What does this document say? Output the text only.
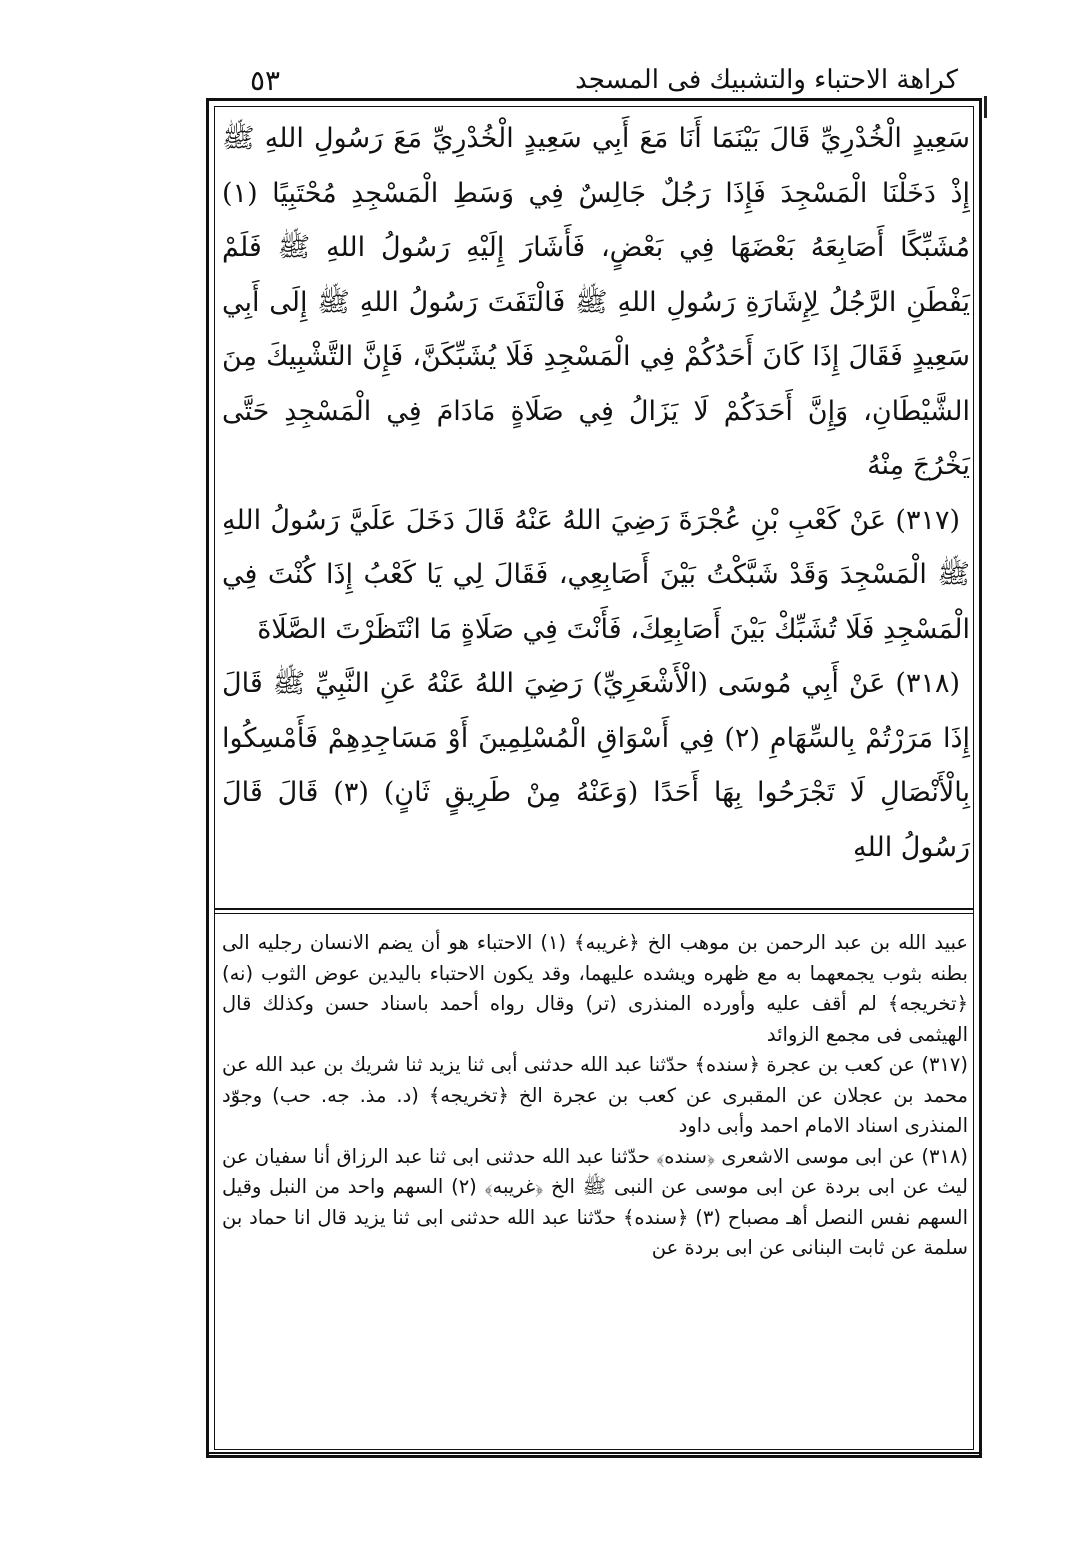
كراهة الاحتباء والتشبيك فى المسجد
٥٣

سَعِيدٍ الْخُدْرِيِّ قَالَ بَيْنَمَا أَنَا مَعَ أَبِي سَعِيدٍ الْخُدْرِيِّ مَعَ رَسُولِ اللهِ ﷺ إِذْ دَخَلْنَا الْمَسْجِدَ فَإِذَا رَجُلٌ جَالِسٌ فِي وَسَطِ الْمَسْجِدِ مُحْتَبِيًا (١) مُشَبِّكًا أَصَابِعَهُ بَعْضَهَا فِي بَعْضٍ، فَأَشَارَ إِلَيْهِ رَسُولُ اللهِ ﷺ فَلَمْ يَفْطَنِ الرَّجُلُ لِإِشَارَةِ رَسُولِ اللهِ ﷺ فَالْتَفَتَ رَسُولُ اللهِ ﷺ إِلَى أَبِي سَعِيدٍ فَقَالَ إِذَا كَانَ أَحَدُكُمْ فِي الْمَسْجِدِ فَلَا يُشَبِّكَنَّ، فَإِنَّ التَّشْبِيكَ مِنَ الشَّيْطَانِ، وَإِنَّ أَحَدَكُمْ لَا يَزَالُ فِي صَلَاةٍ مَادَامَ فِي الْمَسْجِدِ حَتَّى يَخْرُجَ مِنْهُ

(٣١٧) عَنْ كَعْبِ بْنِ عُجْرَةَ رَضِيَ اللهُ عَنْهُ قَالَ دَخَلَ عَلَيَّ رَسُولُ اللهِ ﷺ الْمَسْجِدَ وَقَدْ شَبَّكْتُ بَيْنَ أَصَابِعِي، فَقَالَ لِي يَا كَعْبُ إِذَا كُنْتَ فِي الْمَسْجِدِ فَلَا تُشَبِّكْ بَيْنَ أَصَابِعِكَ، فَأَنْتَ فِي صَلَاةٍ مَا انْتَظَرْتَ الصَّلَاةَ

(٣١٨) عَنْ أَبِي مُوسَى (الْأَشْعَرِيِّ) رَضِيَ اللهُ عَنْهُ عَنِ النَّبِيِّ ﷺ قَالَ إِذَا مَرَرْتُمْ بِالسِّهَامِ (٢) فِي أَسْوَاقِ الْمُسْلِمِينَ أَوْ مَسَاجِدِهِمْ فَأَمْسِكُوا بِالْأَنْصَالِ لَا تَجْرَحُوا بِهَا أَحَدًا (وَعَنْهُ مِنْ طَرِيقٍ ثَانٍ) (٣) قَالَ قَالَ رَسُولُ اللهِ

عبيد الله بن عبد الرحمن بن موهب الخ ﴿غريبه﴾ (١) الاحتباء هو أن يضم الانسان رجليه الى بطنه بثوب يجمعهما به مع ظهره ويشده عليهما، وقد يكون الاحتباء باليدين عوض الثوب (نه) ﴿تخريجه﴾ لم أقف عليه وأورده المنذرى (تر) وقال رواه أحمد باسناد حسن وكذلك قال الهيثمى فى مجمع الزوائد

(٣١٧) عن كعب بن عجرة ﴿سنده﴾ حدّثنا عبد الله حدثنى أبى ثنا يزيد ثنا شريك بن عبد الله عن محمد بن عجلان عن المقبرى عن كعب بن عجرة الخ ﴿تخريجه﴾ (د. مذ. جه. حب) وجوّد المنذرى اسناد الامام احمد وأبى داود

(٣١٨) عن ابى موسى الاشعرى ﴿سنده﴾ حدّثنا عبد الله حدثنى ابى ثنا عبد الرزاق أنا سفيان عن ليث عن ابى بردة عن ابى موسى عن النبى ﷺ الخ ﴿غريبه﴾ (٢) السهم واحد من النبل وقيل السهم نفس النصل أهـ مصباح (٣) ﴿سنده﴾ حدّثنا عبد الله حدثنى ابى ثنا يزيد قال انا حماد بن سلمة عن ثابت البنانى عن ابى بردة عن
